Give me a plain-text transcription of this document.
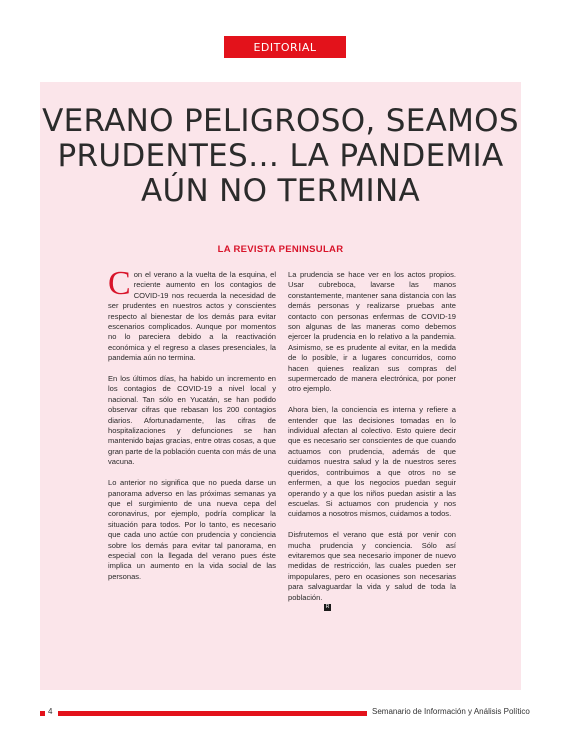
EDITORIAL
VERANO PELIGROSO, SEAMOS PRUDENTES… LA PANDEMIA AÚN NO TERMINA
LA REVISTA PENINSULAR

Con el verano a la vuelta de la esquina, el reciente aumento en los contagios de COVID-19 nos recuerda la necesidad de ser prudentes en nuestros actos y conscientes respecto al bienestar de los demás para evitar escenarios complicados. Aunque por momentos no lo pareciera debido a la reactivación económica y el regreso a clases presenciales, la pandemia aún no termina.

En los últimos días, ha habido un incremento en los contagios de COVID-19 a nivel local y nacional. Tan sólo en Yucatán, se han podido observar cifras que rebasan los 200 contagios diarios. Afortunadamente, las cifras de hospitalizaciones y defunciones se han mantenido bajas gracias, entre otras cosas, a que gran parte de la población cuenta con más de una vacuna.

Lo anterior no significa que no pueda darse un panorama adverso en las próximas semanas ya que el surgimiento de una nueva cepa del coronavirus, por ejemplo, podría complicar la situación para todos. Por lo tanto, es necesario que cada uno actúe con prudencia y conciencia sobre los demás para evitar tal panorama, en especial con la llegada del verano pues éste implica un aumento en la vida social de las personas.

La prudencia se hace ver en los actos propios. Usar cubreboca, lavarse las manos constantemente, mantener sana distancia con las demás personas y realizarse pruebas ante contacto con personas enfermas de COVID-19 son algunas de las maneras como debemos ejercer la prudencia en lo relativo a la pandemia. Asimismo, se es prudente al evitar, en la medida de lo posible, ir a lugares concurridos, como hacen quienes realizan sus compras del supermercado de manera electrónica, por poner otro ejemplo.

Ahora bien, la conciencia es interna y refiere a entender que las decisiones tomadas en lo individual afectan al colectivo. Esto quiere decir que es necesario ser conscientes de que cuando actuamos con prudencia, además de que cuidamos nuestra salud y la de nuestros seres queridos, contribuimos a que otros no se enfermen, a que los negocios puedan seguir operando y a que los niños puedan asistir a las escuelas. Si actuamos con prudencia y nos cuidamos a nosotros mismos, cuidamos a todos.

Disfrutemos el verano que está por venir con mucha prudencia y conciencia. Sólo así evitaremos que sea necesario imponer de nuevo medidas de restricción, las cuales pueden ser impopulares, pero en ocasiones son necesarias para salvaguardar la vida y salud de toda la población.
R

4	Semanario de Información y Análisis Político
